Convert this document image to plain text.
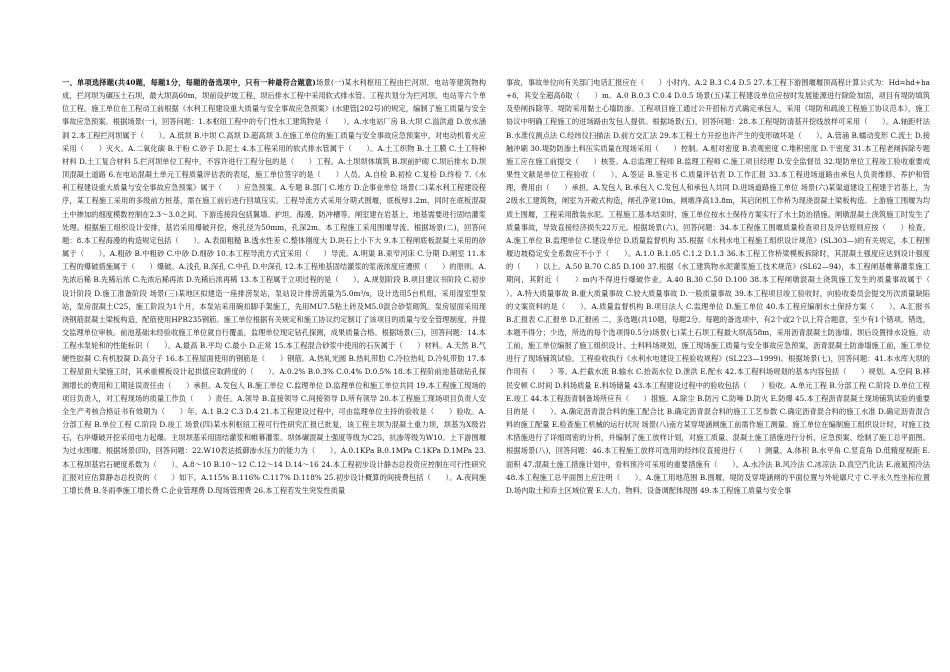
一、单项选择题(共40题，每题1分，每题的备选项中，只有一种最符合题意)场景(一)某水利枢纽工程由拦河坝、电站等建筑物构成，拦河坝为碾压土石坝，最大坝高60m，坝前设护坡工程，坝后排水工程中采用软式排水管。工程共划分为拦河坝、电站等六个单位工程。施工单位在工程动工前根据《水利工程建设重大质量与安全事故应急预案》(水建管[202号)的规定，编制了施工质量与安全事故应急预案。根据场景(一)，回答问题：1.本枢纽工程中的专门性水工建筑物是（　　）。A.水电站厂房 B.大坝 C.溢洪道 D.放水涵洞 2.本工程拦河坝属于（　　）。A.低坝 B.中坝 C.高坝 D.超高坝 3.在施工单位的施工质量与安全事故应急预案中，对电动机着火应采用（　　）灭火。A.二氧化碳 B.干粉 C.砂子 D.泥土 4.本工程采用的软式排水管属于（　　）。A.土工织物 B.土工膜 C.土工特种材料 D.土工复合材料 5.拦河坝单位工程中，不容许进行工程分包的是（　　）工程。A.土坝坝体填筑 B.坝前护砌 C.坝后排水 D.坝顶混凝土道路 6.在电站混凝土单元工程质量评估表的表尾，施工单位签字的是（　　）人员。A.自检 B.初检 C.复检 D.终检 7.《水利工程建设重大质量与安全事故应急预案》属于（　　）应急预案。A.专题 B.部门 C.地方 D.企事业单位 场景(二)某水利工程建设程序，某工程施工采用的多级前方桩基，需在施工前后进行回填压实。工程导流方式采用分期式围堰，底板厚1.2m，同时在底板混凝土中掺加的细度模数控制在2.3～3.0之间。下游连接段包括翼墙、护坦、海漫、防冲槽等。闸室建在岩基上，地基需要进行固结灌浆处理。根据施工组织设计安排，基岩采用爆破开挖，炮孔径为50mm，孔深2m。本工程施工采用围堰导流。根据场景(二)，回答问题：8.本工程海漫的构造规定包括（　　）。A.表面粗糙 B.透水性差 C.整体刚度大 D.块石上小下大 9.本工程闸底板混凝土采用的砂属于（　　）。A.粗砂 B.中粗砂 C.中砂 D.细砂 10.本工程导流方式宜采用（　　）导流。A.明渠 B.束窄河床 C.分期 D.闸室 11.本工程的爆破措施属于（　　）爆破。A.浅孔 B.深孔 C.中孔 D.中深孔 12.本工程地基固结灌浆的浆液浓度应遵照（　　）的原则。A.先浓后稀 B.先稀后浓 C.先浓后稀再浓 D.先稀后浓再稀 13.本工程属于立项过程的是（　　）。A.规划阶段 B.项目建议书阶段 C.初步设计阶段 D.施工准备阶段 场景(三)某地区拟建造一座排涝泵站，泵站设计排涝流量为5.0m³/s，设计选用5台机组，采用湿室型泵站，泵房混凝土C25，施工阶段为1个月，本泵站采用碗扣脚手架施工，先用MU7.5粘土砖及M5.0混合砂浆砌筑。泵房屋面采用现浇钢筋混凝土梁板构造，配筋使用HPB235钢筋。施工单位根据有关规定和施工协议约定制订了该项目的质量与安全管理制度，并提交监理单位审核。前池基础未经验收施工单位就自行覆盖，监理单位现定钻孔探测，成果质量合格。根据场景(三)，回答问题：14.本工程水泵轮和的性能标识（　　）。A.最高 B.平均 C.最小 D.正常 15.本工程混合砂浆中使用的石灰属于（　　）材料。A.天然 B.气硬性胶凝 C.有机胶凝 D.高分子 16.本工程屋面使用的钢筋是（　　）钢筋。A.热轧光圆 B.热轧带肋 C.冷拉热轧 D.冷轧带肋 17.本工程屋面大梁施工时，其承重模板设计起拱值应取跨度的（　　）。A.0.2% B.0.3% C.0.4% D.0.5% 18.本工程阶前池基础钻孔探测增长的费用和工期延误责任由（　　）承担。A.发包人 B.施工单位 C.监理单位 D.监理单位和施工单位共同 19.本工程施工现场的项目负责人，对工程现场的质量工作负（　　）责任。A.领导 B.直接领导 C.间接领导 D.所有领导 20.本工程施工现场项目负责人安全生产考核合格证书有效期为（　　）年。A.1 B.2 C.3 D.4 21.本工程建设过程中，可由监理单位主持的验收是（　　）验收。A.分部工程 B.单位工程 C.阶段 D.竣工 场景(四)某水利枢纽工程可行性研究汇报已批复，该工程主坝为混凝土重力坝，坝基为X级岩石，右岸爆破开挖采用电力起爆。主坝坝基采用固结灌浆和帷幕灌浆。坝体碾混凝土强度等级为C25，抗渗等级为W10。上下游围堰为过水围堰。根据场景(四)，回答问题：22.W10表达抵御渗水压力的能力为（　　）。A.0.1KPa B.0.1MPa C.1KPa D.1MPa 23.本工程坝基岩石硬度系数为（　　）。A.8～10 B.10～12 C.12～14 D.14～16 24.本工程初步设计静态总投资应控制在可行性研究汇报对应估算静态总投资的（　　）如下。A.115% B.116% C.117% D.118% 25.初步设计概算的间接费包括（　　）。A.夜间施工增长费 B.冬雨季施工增长费 C.企业管理费 D.现场管理费 26.本工程若发生突发性质量

事故，事故单位向有关部门电话汇报应在（　　）小时内。A.2 B.3 C.4 D.5 27.本工程下游围堰堰顶高程计算公式为：Hd=hd+ha+δ，其安全超高δ取（　　）m。A.0 B.0.3 C.0.4 D.0.5 场景(五)某工程建设单位应按时发展能源进行除险加固，项目有堤防填筑及垫闸拆除等。堤防采用黏土心墙防渗。工程项目施工通过公开招标方式确定承包人，采用《堤防和疏浚工程施工协议范本》，施工协议中明确工程施工的进场路由发包人提供。根据场景(五)，回答问题：28.本工程堤防清基开挖线放样可采用（　　）。A.轴距杆法 B.水准仪测点法 C.经纬仪扫描法 D.前方交汇法 29.本工程土方开挖也许产生的变形破坏是（　　）。A.管涌 B.蠕动变形 C.流土 D.接触冲刷 30.堤防防渗土料压实质量在现场采用（　　）控制。A.相对密度 B.表观密度 C.堆积密度 D.干密度 31.本工程老闸拆除专题施工应在施工前提交（　　）核签。A.总监理工程师 B.监理工程师 C.施工项目经理 D.安全监督员 32.堤防单位工程竣工验收重要成果性文献是单位工程验收（　　）。A.签证 B.鉴定书 C.质量评估表 D.工作汇报 33.本工程进场道路由承包人负责维修、养护和管理，费用由（　　）承担。A.发包人 B.承包人 C.发包人和承包人共同 D.进场道路施工单位 场景(六)某渠道建设工程建于岩基上，为2级水工建筑物，闸室为开敞式构造，闸孔净宽10m，闸墩净高13.8m，其启闭机工作桥为现浇混凝土梁板构造。上游施工围堰为均质土围堰，工程采用散装水泥。工程施工基本结束时，施工单位按水土保持方案实行了水土防治措施。闸墩混凝土浇筑施工时发生了质量事故，导致直接经济损失22万元。根据场景(六)，回答问题：34.本工程施工围堰质量检查项目及评估原则应按（　　）检查。A.施工单位 B.监理单位 C.建设单位 D.质量监督机构 35.根据《水利水电工程施工组织设计规范》(SL303—)的有关规定，本工程围堰边坡稳定安全系数应不小于（　　）。A.1.0 B.1.05 C.1.2 D.1.3 36.本工程工作桥梁模板拆除时，其混凝土强度应达到设计强度的（　　）以上。A.50 B.70 C.85 D.100 37.根据《水工建筑物水泥灌浆施工技术规范》(SL62—94)，本工程闸基帷幕灌浆施工期间，其附近（　　）m内不得进行爆破作业。A.40 B.30 C.50 D.100 38.本工程闸墩混凝土浇筑施工发生的质量事故属于（　　）。A.特大质量事故 B.重大质量事故 C.较大质量事故 D.一般质量事故 39.本工程项目竣工验收时，向验收委员会提交历次质量缺陷的文案资料的是（　　）。A.质量监督机构 B.项目法人 C.监理单位 D.施工单位 40.本工程应编制水土保持方案（　　）。A.汇报书 B.汇报表 C.汇报单 D.汇报函 二、多选题(共10题，每题2分。每题的备选项中，有2个或2个以上符合题意，至少有1个错项。错选，本题不得分；少选，所选的每个选项得0.5分)场景(七)某土石坝工程最大坝高58m，采用沥青混凝土防渗墙。坝后设置排水设施。动工前，施工单位编报了施工组织设计、土料料场规划，施工现场施工质量与安全事故应急预案，沥青混凝土防渗墙施工前，施工单位进行了现场铺筑试验。工程验收执行《水利水电建设工程验收规程》(SL223—1999)。根据场景(七)，回答问题：41.本水库大坝的作用有（　　）等。A.拦截水流 B.输水 C.抬高水位 D.泄洪 E.配水 42.本工程料场规划的基本内容包括（　　）规划。A.空间 B.移民安顿 C.时间 D.料场质量 E.料场储量 43.本工程建设过程中的验收包括（　　）验收。A.单元工程 B.分部工程 C.阶段 D.单位工程 E.竣工 44.本工程沥青制备场所应有（　　）措施。A.除尘 B.防污 C.防噪 D.防火 E.防爆 45.本工程沥青混凝土现场铺筑试验的重要目的是（　　）。A.确定沥青混合料的施工配合比 B.确定沥青混合料的施工工艺参数 C.确定沥青混合料的施工水准 D.确定沥青混合料的施工配量 E.检查施工机械的运行状况 场景(八)南方某穿堤涵闸施工前需作施工测量。施工单位在编制施工组织设计时，对施工技术措施进行了详细周密的分析，并编制了施工放样计划，对施工质量、混凝土施工措施进行分析，应急预案、绘制了施工总平面图。根据场景(八)，回答问题：46.本工程施工放样可选用的经纬仪直接进行（　　）测量。A.体积 B.水平角 C.竖直角 D.低精度视距 E.面积 47.混凝土施工措施计划中，骨料预冷可采用的重要措施有（　　）。A.水冷法 B.风冷法 C.冰凉法 D.真空汽化法 E.液氮预冷法 48.本工程施工总平面图上应注明（　　）。A.施工用地范围 B.围堰、堤防及穿堤涵闸的平面位置与外轮廓尺寸 C.平永久性坐标位置 D.场内取土和弃土区域位置 E.人力、物料、设备调配体现图 49.本工程施工质量与安全事
